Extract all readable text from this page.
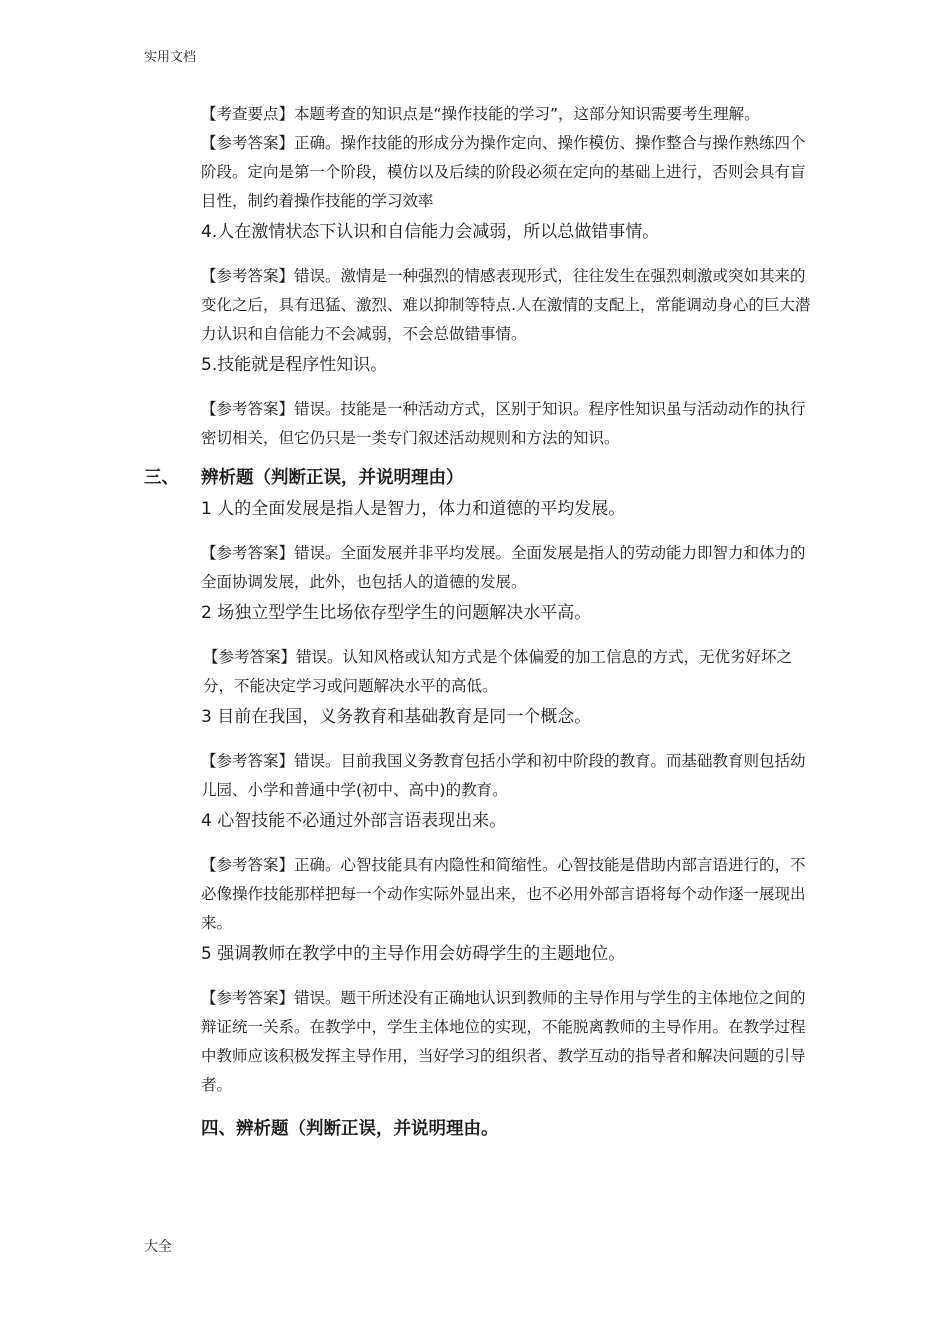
实用文档

【考查要点】本题考查的知识点是“操作技能的学习”，这部分知识需要考生理解。

【参考答案】正确。操作技能的形成分为操作定向、操作模仿、操作整合与操作熟练四个阶段。定向是第一个阶段，模仿以及后续的阶段必须在定向的基础上进行，否则会具有盲目性，制约着操作技能的学习效率

4.人在激情状态下认识和自信能力会减弱，所以总做错事情。

【参考答案】错误。激情是一种强烈的情感表现形式，往往发生在强烈刺激或突如其来的变化之后，具有迅猛、激烈、难以抑制等特点.人在激情的支配上，常能调动身心的巨大潜力认识和自信能力不会减弱，不会总做错事情。

5.技能就是程序性知识。

【参考答案】错误。技能是一种活动方式，区别于知识。程序性知识虽与活动动作的执行密切相关，但它仍只是一类专门叙述活动规则和方法的知识。

三、 辨析题（判断正误，并说明理由）

1 人的全面发展是指人是智力，体力和道德的平均发展。

【参考答案】错误。全面发展并非平均发展。全面发展是指人的劳动能力即智力和体力的全面协调发展，此外，也包括人的道德的发展。

2 场独立型学生比场依存型学生的问题解决水平高。

【参考答案】错误。认知风格或认知方式是个体偏爱的加工信息的方式，无优劣好坏之分，不能决定学习或问题解决水平的高低。

3 目前在我国，义务教育和基础教育是同一个概念。

【参考答案】错误。目前我国义务教育包括小学和初中阶段的教育。而基础教育则包括幼儿园、小学和普通中学(初中、高中)的教育。

4 心智技能不必通过外部言语表现出来。

【参考答案】正确。心智技能具有内隐性和简缩性。心智技能是借助内部言语进行的，不必像操作技能那样把每一个动作实际外显出来，也不必用外部言语将每个动作逐一展现出来。

5 强调教师在教学中的主导作用会妨碍学生的主题地位。

【参考答案】错误。题干所述没有正确地认识到教师的主导作用与学生的主体地位之间的辩证统一关系。在教学中，学生主体地位的实现，不能脱离教师的主导作用。在教学过程中教师应该积极发挥主导作用，当好学习的组织者、教学互动的指导者和解决问题的引导者。

四、辨析题（判断正误，并说明理由。
大全
